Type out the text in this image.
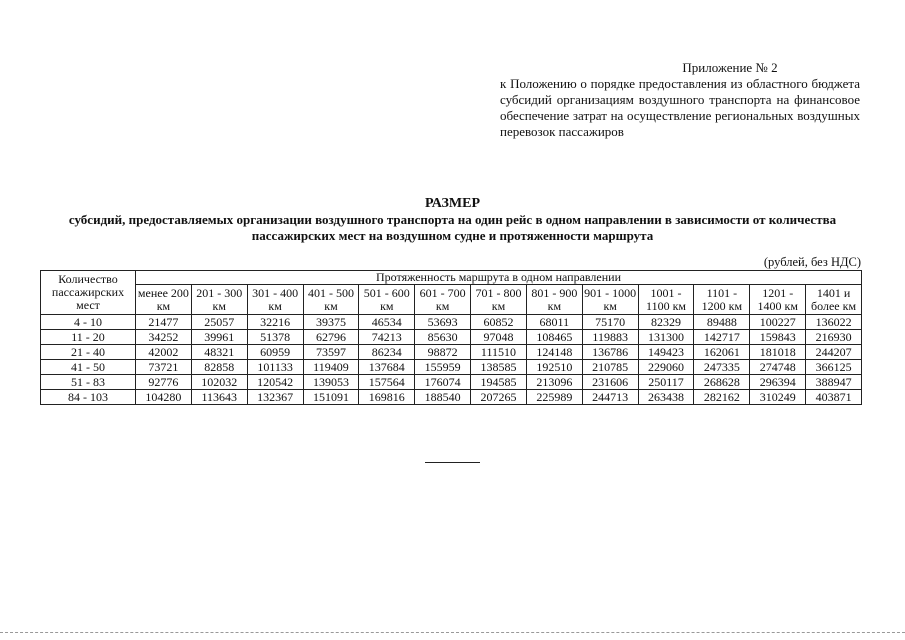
Приложение № 2
к Положению о порядке предоставления из областного бюджета субсидий организациям воздушного транспорта на финансовое обеспечение затрат на осуществление региональных воздушных перевозок пассажиров
РАЗМЕР
субсидий, предоставляемых организации воздушного транспорта на один рейс в одном направлении в зависимости от количества пассажирских мест на воздушном судне и протяженности маршрута
(рублей, без НДС)
Количество пассажирских мест	Протяженность маршрута в одном направлении												
	менее 200 км	201 - 300 км	301 - 400 км	401 - 500 км	501 - 600 км	601 - 700 км	701 - 800 км	801 - 900 км	901 - 1000 км	1001 - 1100 км	1101 - 1200 км	1201 - 1400 км	1401 и более км
4 - 10	21477	25057	32216	39375	46534	53693	60852	68011	75170	82329	89488	100227	136022
11 - 20	34252	39961	51378	62796	74213	85630	97048	108465	119883	131300	142717	159843	216930
21 - 40	42002	48321	60959	73597	86234	98872	111510	124148	136786	149423	162061	181018	244207
41 - 50	73721	82858	101133	119409	137684	155959	138585	192510	210785	229060	247335	274748	366125
51 - 83	92776	102032	120542	139053	157564	176074	194585	213096	231606	250117	268628	296394	388947
84 - 103	104280	113643	132367	151091	169816	188540	207265	225989	244713	263438	282162	310249	403871
